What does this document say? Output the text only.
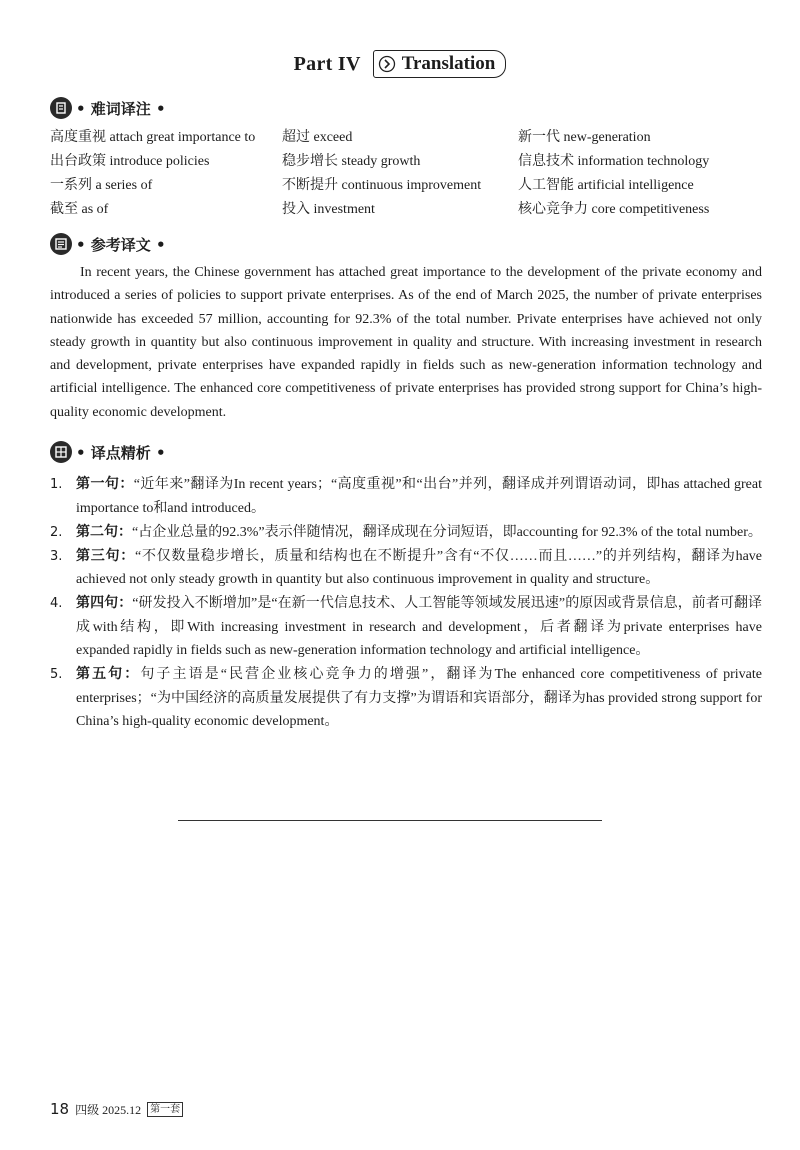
Part IV Translation
• 难词译注 •
高度重视 attach great importance to	超过 exceed	新一代 new-generation
出台政策 introduce policies	稳步增长 steady growth	信息技术 information technology
一系列 a series of	不断提升 continuous improvement	人工智能 artificial intelligence
截至 as of	投入 investment	核心竞争力 core competitiveness
• 参考译文 •

In recent years, the Chinese government has attached great importance to the development of the private economy and introduced a series of policies to support private enterprises. As of the end of March 2025, the number of private enterprises nationwide has exceeded 57 million, accounting for 92.3% of the total number. Private enterprises have achieved not only steady growth in quantity but also continuous improvement in quality and structure. With increasing investment in research and development, private enterprises have expanded rapidly in fields such as new-generation information technology and artificial intelligence. The enhanced core competitiveness of private enterprises has provided strong support for China’s high-quality economic development.

• 译点精析 •
1. 第一句：“近年来”翻译为In recent years；“高度重视”和“出台”并列，翻译成并列谓语动词，即has attached great importance to和and introduced。
2. 第二句：“占企业总量的92.3%”表示伴随情况，翻译成现在分词短语，即accounting for 92.3% of the total number。
3. 第三句：“不仅数量稳步增长，质量和结构也在不断提升”含有“不仅……而且……”的并列结构，翻译为have achieved not only steady growth in quantity but also continuous improvement in quality and structure。
4. 第四句：“研发投入不断增加”是“在新一代信息技术、人工智能等领域发展迅速”的原因或背景信息，前者可翻译成with结构，即With increasing investment in research and development，后者翻译为private enterprises have expanded rapidly in fields such as new-generation information technology and artificial intelligence。
5. 第五句：句子主语是“民营企业核心竞争力的增强”，翻译为The enhanced core competitiveness of private enterprises；“为中国经济的高质量发展提供了有力支撑”为谓语和宾语部分，翻译为has provided strong support for China’s high-quality economic development。
18 四级 2025.12 第一套
